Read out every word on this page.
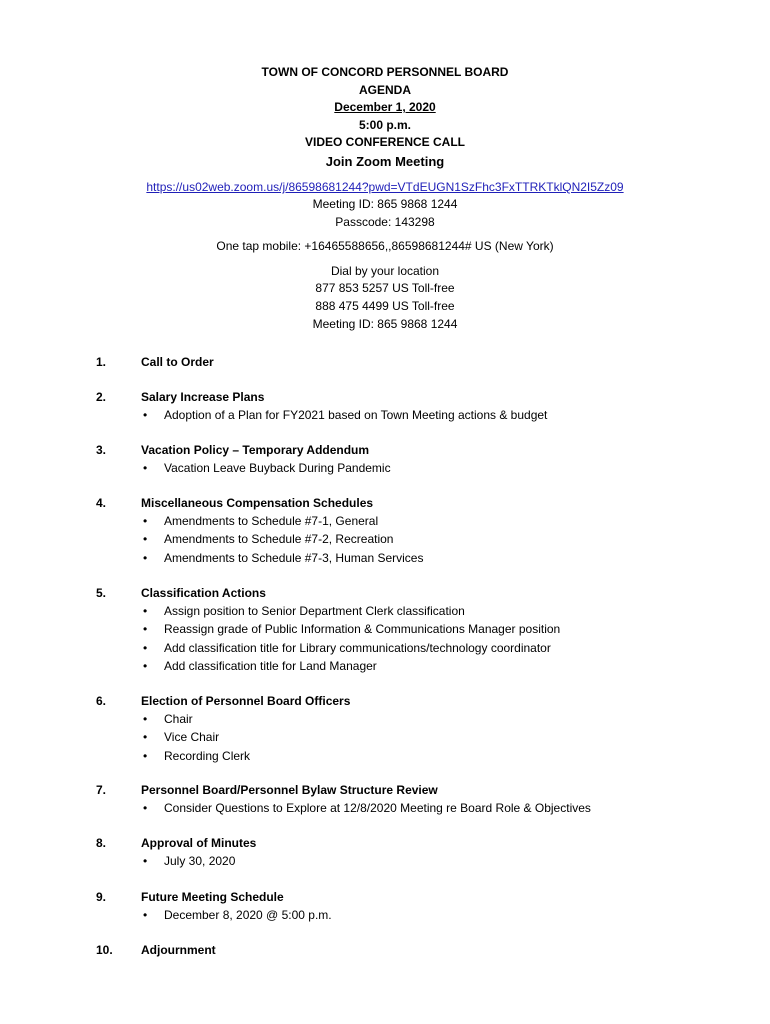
TOWN OF CONCORD PERSONNEL BOARD
AGENDA
December 1, 2020
5:00 p.m.
VIDEO CONFERENCE CALL
Join Zoom Meeting
https://us02web.zoom.us/j/86598681244?pwd=VTdEUGN1SzFhc3FxTTRKTklQN2I5Zz09
Meeting ID: 865 9868 1244
Passcode: 143298
One tap mobile: +16465588656,,86598681244# US (New York)
Dial by your location
877 853 5257 US Toll-free
888 475 4499 US Toll-free
Meeting ID: 865 9868 1244
1.	Call to Order
2.	Salary Increase Plans
• Adoption of a Plan for FY2021 based on Town Meeting actions & budget
3.	Vacation Policy – Temporary Addendum
• Vacation Leave Buyback During Pandemic
4.	Miscellaneous Compensation Schedules
• Amendments to Schedule #7-1, General
• Amendments to Schedule #7-2, Recreation
• Amendments to Schedule #7-3, Human Services
5.	Classification Actions
• Assign position to Senior Department Clerk classification
• Reassign grade of Public Information & Communications Manager position
• Add classification title for Library communications/technology coordinator
• Add classification title for Land Manager
6.	Election of Personnel Board Officers
• Chair
• Vice Chair
• Recording Clerk
7.	Personnel Board/Personnel Bylaw Structure Review
• Consider Questions to Explore at 12/8/2020 Meeting re Board Role & Objectives
8.	Approval of Minutes
• July 30, 2020
9.	Future Meeting Schedule
• December 8, 2020 @ 5:00 p.m.
10. Adjournment
